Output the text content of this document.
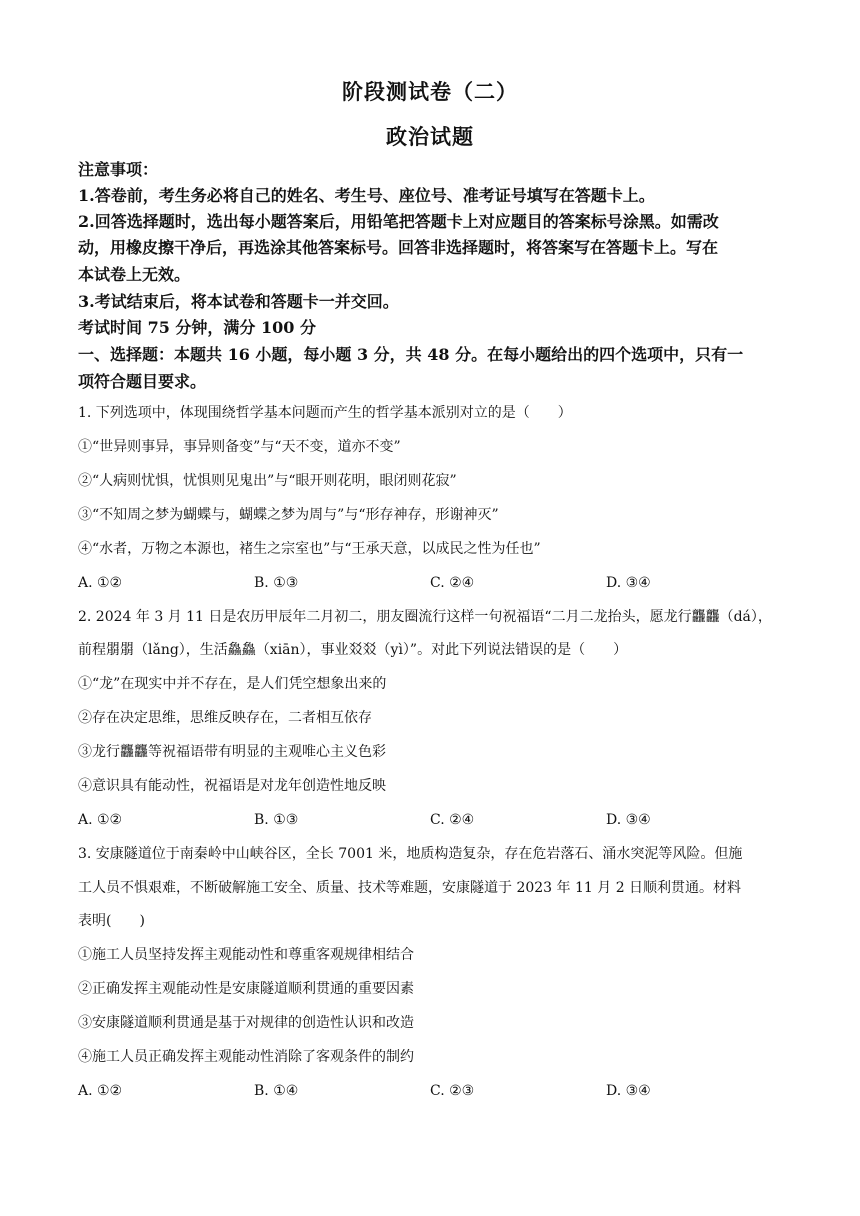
阶段测试卷（二）
政治试题
注意事项：
1.答卷前，考生务必将自己的姓名、考生号、座位号、准考证号填写在答题卡上。
2.回答选择题时，选出每小题答案后，用铅笔把答题卡上对应题目的答案标号涂黑。如需改
动，用橡皮擦干净后，再选涂其他答案标号。回答非选择题时，将答案写在答题卡上。写在
本试卷上无效。
3.考试结束后，将本试卷和答题卡一并交回。
考试时间 75 分钟，满分 100 分
一、选择题：本题共 16 小题，每小题 3 分，共 48 分。在每小题给出的四个选项中，只有一
项符合题目要求。
1. 下列选项中，体现围绕哲学基本问题而产生的哲学基本派别对立的是（　　）
①“世异则事异，事异则备变”与“天不变，道亦不变”
②“人病则忧惧，忧惧则见鬼出”与“眼开则花明，眼闭则花寂”
③“不知周之梦为蝴蝶与，蝴蝶之梦为周与”与“形存神存，形谢神灭”
④“水者，万物之本源也，褚生之宗室也”与“王承天意，以成民之性为任也”
A. ①②	B. ①③	C. ②④	D. ③④
2. 2024 年 3 月 11 日是农历甲辰年二月初二，朋友圈流行这样一句祝福语“二月二龙抬头，愿龙行龘龘（dá），
前程朤朤（lǎng），生活鱻鱻（xiān），事业㸚㸚（yì）”。对此下列说法错误的是（　　）
①“龙”在现实中并不存在，是人们凭空想象出来的
②存在决定思维，思维反映存在，二者相互依存
③龙行龘龘等祝福语带有明显的主观唯心主义色彩
④意识具有能动性，祝福语是对龙年创造性地反映
A. ①②	B. ①③	C. ②④	D. ③④
3. 安康隧道位于南秦岭中山峡谷区，全长 7001 米，地质构造复杂，存在危岩落石、涌水突泥等风险。但施
工人员不惧艰难，不断破解施工安全、质量、技术等难题，安康隧道于 2023 年 11 月 2 日顺利贯通。材料
表明(　　)
①施工人员坚持发挥主观能动性和尊重客观规律相结合
②正确发挥主观能动性是安康隧道顺利贯通的重要因素
③安康隧道顺利贯通是基于对规律的创造性认识和改造
④施工人员正确发挥主观能动性消除了客观条件的制约
A. ①②	B. ①④	C. ②③	D. ③④
